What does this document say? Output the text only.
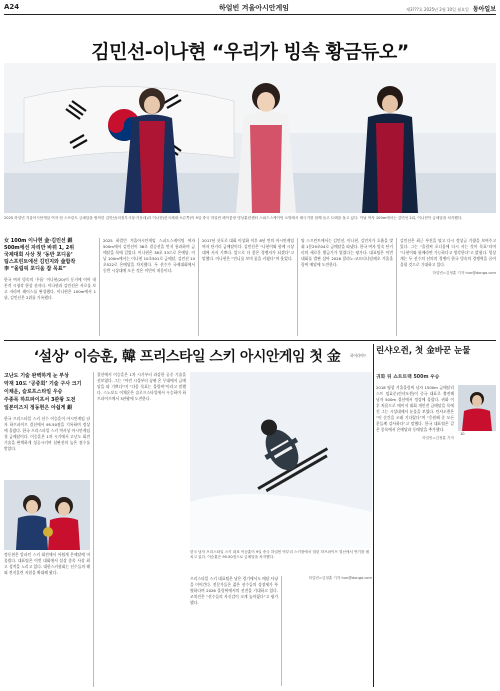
A24	하얼빈 겨울아시안게임	제3???호 2025년 2월 10일 월요일 동아일보
김민선-이나현 “우리가 빙속 황금듀오”
2025 하얼빈 겨울아시안게임 여자 팀 스프린트 금메달을 합작한 김민선(의정부시청·가운데)과 이나현(한국체대·오른쪽)이 9일 중국 하얼빈 헤이룽장 빙상훈련센터 스피드스케이팅 오벌에서 태극기를 함께 들고 트랙을 돌고 있다. 이날 여자 100m에서는 김민선 2위, 이나현이 금메달을 차지했다.
女 100m 이나현 金·김민선 銀
500m에선 자리만 바꿔 1, 2위
국제대회 사상 첫 ‘동반 포디움’
팀스프린트에선 김민지와 金합작
李 “올림픽 포디움 잡 목표”
한국 여자 빙속의 ‘투톱’ 이나현(20)이 동거에 이어 내 본격 시청각 한상 선자다. 이나현과 김민선은 서로를 보고 자라며 레이스를 완성했다. 이나현은 100m에서 1위, 김민선은 2위를 기록했다.
2025 하얼빈 겨울아시안게임 스피드스케이팅 여자 500m에서 김민선이 38초 결승선을 먼저 통과하며 금메달을 목에 걸었다. 이나현은 38초 33으로 은메달. 이날 100m에서는 이나현 10초501로 금메달, 김민선 10초522로 은메달을 차지했다. 두 선수가 국제대회에서 동반 시상대에 오른 것은 이번이 처음이다.
2017년 삿포로 대회 이상화 이후 8년 만의 아시안게임 여자 단거리 금메달이다. 김민선은 “나현이와 함께 시상대에 서서 기쁘다. 앞으로 더 좋은 경쟁자가 되겠다”고 말했다. 이나현은 “언니를 보며 꿈을 키웠다”며 웃었다.
팀 스프린트에서는 김민선, 이나현, 김민지가 호흡을 맞춰 1분29초04로 금메달을 따냈다. 한국 여자 빙속 단거리의 새로운 황금기가 열렸다는 평가다. 대표팀은 이번 대회를 발판 삼아 2026 밀라노·코르티나담페초 겨울올림픽 메달에 도전한다.
김민선은 최근 부진을 털고 다시 정상급 기량을 보여주고 있다. 그는 “올림픽 포디움에 다시 서는 것이 목표”라며 “나현이와 함께라면 가능하다고 생각한다”고 밝혔다. 빙상계는 두 선수의 선의의 경쟁이 한국 빙속의 경쟁력을 끌어올릴 것으로 기대하고 있다.
하얼빈=김정훈 기자 hun@donga.com
‘설상’ 이승훈, 韓 프리스타일 스키 아시안게임 첫 金	하이라이트
고난도 기술 완벽하게 눈 부상
악재 10도 ‘공중회’ 기술 구사 크기
이채운, 슬로프스타일 우승
주종목 하프파이프서 3관왕 도전
일본미즈지 정동현은 아쉽게 銀
한국 프리스타일 스키 선수 이승훈이 아시안게임 남자 하프파이프 결선에서 95.50점을 기록하며 정상에 올랐다. 한국 프리스타일 스키 역사상 아시안게임 첫 금메달이다. 이승훈은 1차 시기에서 고난도 회전 기술을 완벽하게 성공시키며 심판진의 높은 점수를 받았다.
정동현은 알파인 스키 회전에서 아쉽게 은메달에 머물렀다. 대표팀은 이번 대회에서 설상 종목 사상 최고 성적을 노리고 있다. 대한스키협회는 선수들의 해외 전지훈련 지원을 확대해 왔다.
결선에서 이승훈은 1차 시기부터 과감한 공중 기술을 선보였다. 그는 “어린 시절부터 꿈꿔 온 무대에서 금메달을 따 기쁘다”며 “다음 목표는 올림픽”이라고 말했다. 스노보드 이채운은 슬로프스타일에서 우승하며 하프파이프에서 3관왕에 도전한다.
한국 남자 프리스타일 스키 대표 이승훈이 9일 중국 하얼빈 야부리 스키장에서 열린 하프파이프 결선에서 연기를 펼치고 있다. 이승훈은 95.50점으로 금메달을 차지했다.
프리스타일 스키 대표팀은 남은 경기에서도 메달 사냥을 이어간다. 전문가들은 젊은 선수들의 성장세가 뚜렷하다며 2026 올림픽에서의 선전을 기대하고 있다. 코치진은 “선수들의 자신감이 크게 높아졌다”고 평가했다.
하얼빈=김정훈 기자 hun@donga.com
린샤오쥔, 첫 金바꾼 눈물
귀화 뒤 쇼트트랙 500m 우승
10
2018 평창 겨울올림픽 남자 1500m 금메달리스트 임효준(린샤오쥔)이 중국 대표로 출전해 남자 500m 결선에서 정상에 올랐다. 귀화 이후 처음으로 메이저 대회 개인전 금메달을 목에 건 그는 시상대에서 눈물을 보였다. 린샤오쥔은 “이 순간을 오래 기다렸다”며 “응원해 준 모든 분들께 감사하다”고 말했다. 한국 대표팀은 같은 종목에서 은메달과 동메달을 추가했다.
하얼빈=김정훈 기자
